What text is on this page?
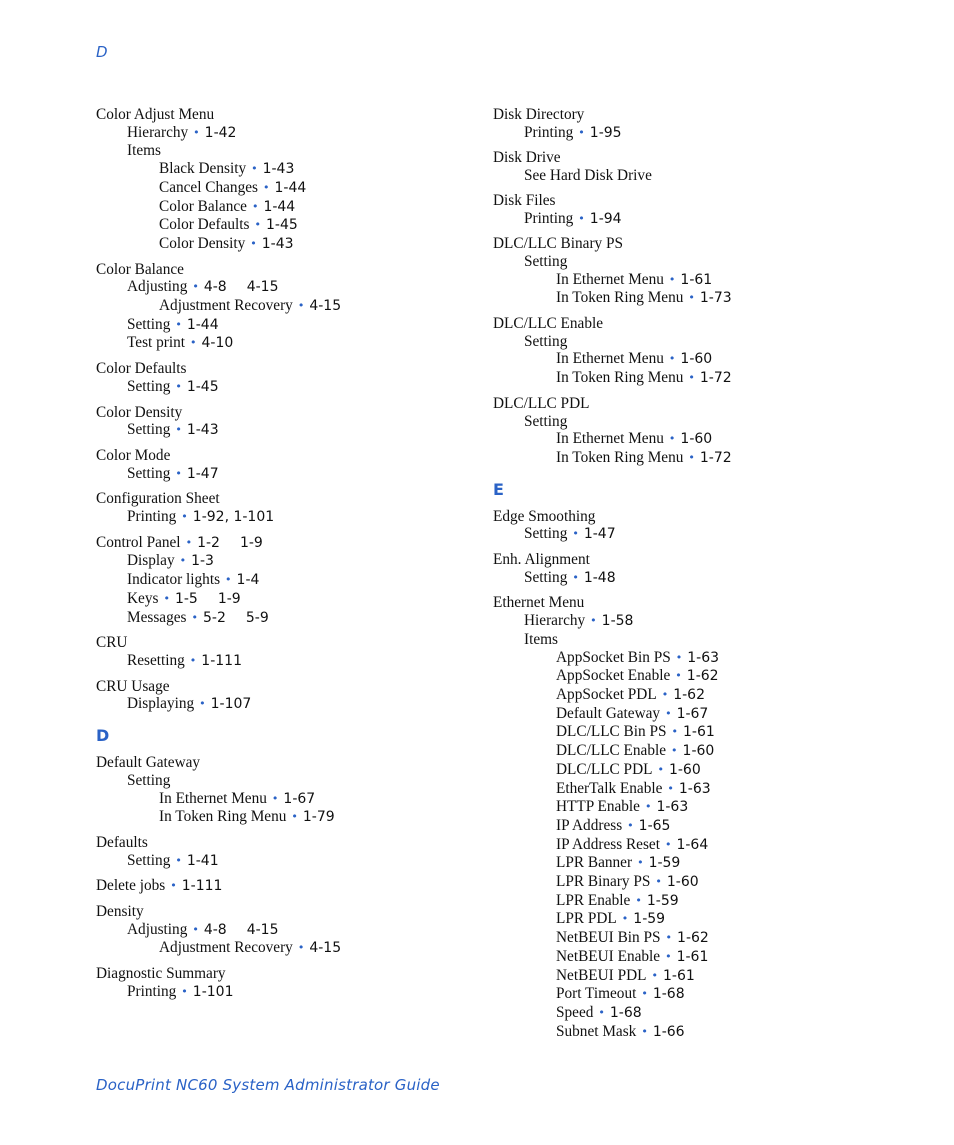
D
Color Adjust Menu
Hierarchy • 1-42
Items
Black Density • 1-43
Cancel Changes • 1-44
Color Balance • 1-44
Color Defaults • 1-45
Color Density • 1-43
Color Balance
Adjusting • 4-8 4-15
Adjustment Recovery • 4-15
Setting • 1-44
Test print • 4-10
Color Defaults
Setting • 1-45
Color Density
Setting • 1-43
Color Mode
Setting • 1-47
Configuration Sheet
Printing • 1-92, 1-101
Control Panel • 1-2 1-9
Display • 1-3
Indicator lights • 1-4
Keys • 1-5 1-9
Messages • 5-2 5-9
CRU
Resetting • 1-111
CRU Usage
Displaying • 1-107
D
Default Gateway
Setting
In Ethernet Menu • 1-67
In Token Ring Menu • 1-79
Defaults
Setting • 1-41
Delete jobs • 1-111
Density
Adjusting • 4-8 4-15
Adjustment Recovery • 4-15
Diagnostic Summary
Printing • 1-101
Disk Directory
Printing • 1-95
Disk Drive
See Hard Disk Drive
Disk Files
Printing • 1-94
DLC/LLC Binary PS
Setting
In Ethernet Menu • 1-61
In Token Ring Menu • 1-73
DLC/LLC Enable
Setting
In Ethernet Menu • 1-60
In Token Ring Menu • 1-72
DLC/LLC PDL
Setting
In Ethernet Menu • 1-60
In Token Ring Menu • 1-72
E
Edge Smoothing
Setting • 1-47
Enh. Alignment
Setting • 1-48
Ethernet Menu
Hierarchy • 1-58
Items
AppSocket Bin PS • 1-63
AppSocket Enable • 1-62
AppSocket PDL • 1-62
Default Gateway • 1-67
DLC/LLC Bin PS • 1-61
DLC/LLC Enable • 1-60
DLC/LLC PDL • 1-60
EtherTalk Enable • 1-63
HTTP Enable • 1-63
IP Address • 1-65
IP Address Reset • 1-64
LPR Banner • 1-59
LPR Binary PS • 1-60
LPR Enable • 1-59
LPR PDL • 1-59
NetBEUI Bin PS • 1-62
NetBEUI Enable • 1-61
NetBEUI PDL • 1-61
Port Timeout • 1-68
Speed • 1-68
Subnet Mask • 1-66
DocuPrint NC60 System Administrator Guide
